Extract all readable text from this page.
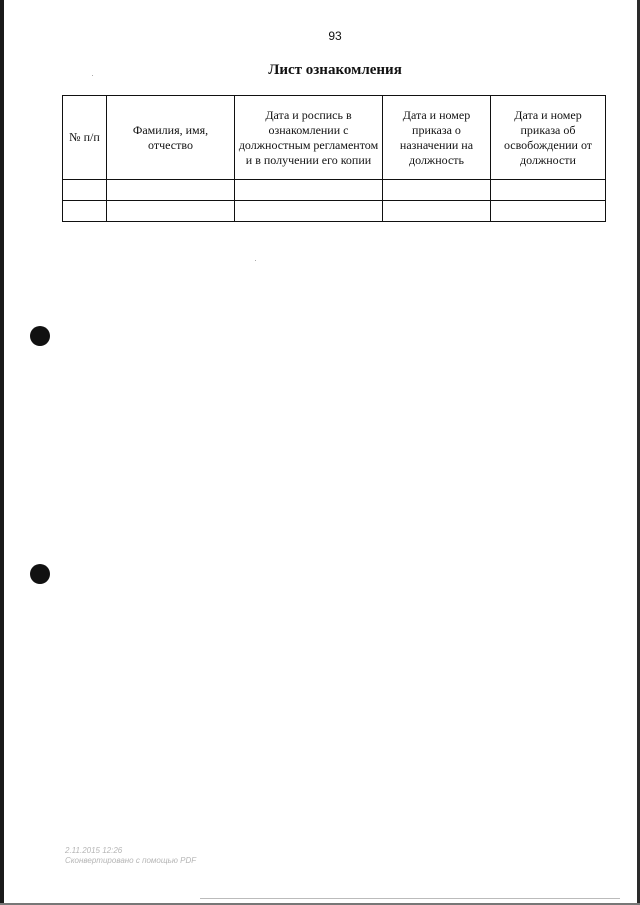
93
Лист ознакомления
№ п/п	Фамилия, имя, отчество	Дата и роспись в ознакомлении с должностным регламентом и в получении его копии	Дата и номер приказа о назначении на должность	Дата и номер приказа об освобождении от должности

2.11.2015 12:26
Сконвертировано с помощью PDF
